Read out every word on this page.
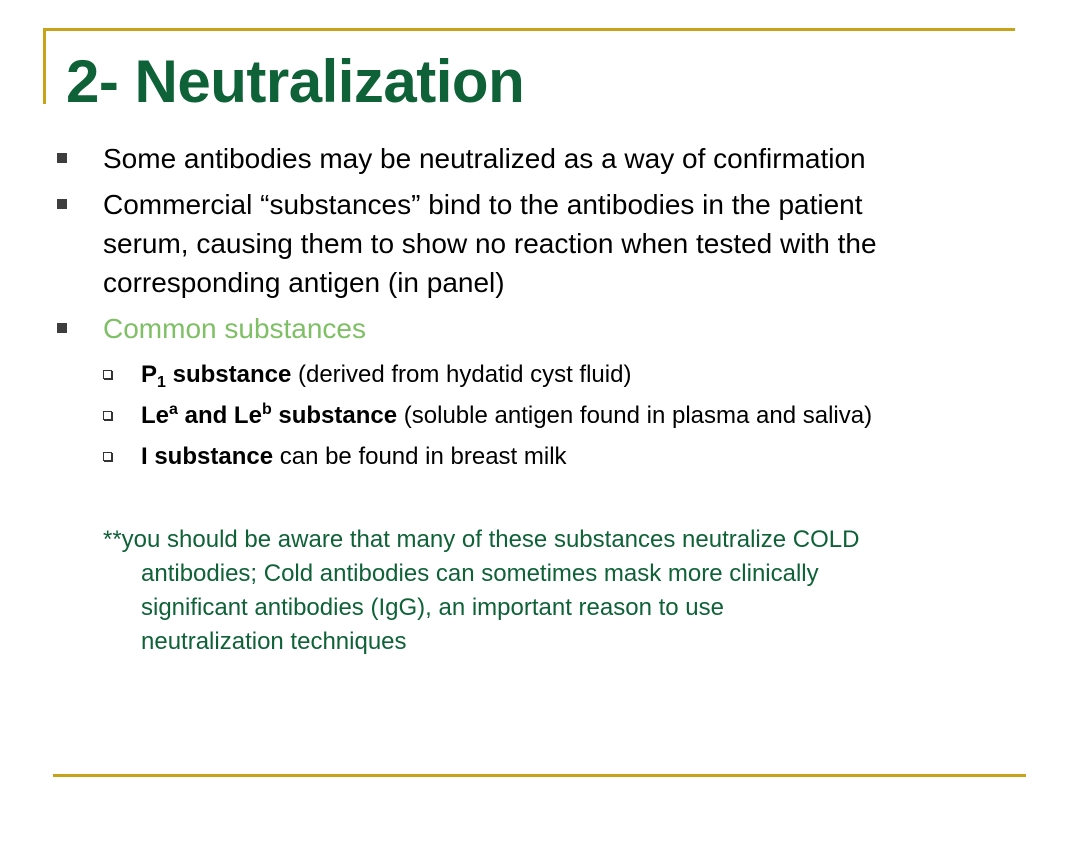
2- Neutralization
Some antibodies may be neutralized as a way of confirmation
Commercial “substances” bind to the antibodies in the patient
serum, causing them to show no reaction when tested with the
corresponding antigen (in panel)
Common substances
$P_1$ substance (derived from hydatid cyst fluid)
Le$^a$ and Le$^b$ substance (soluble antigen found in plasma and saliva)
I substance can be found in breast milk
**you should be aware that many of these substances neutralize COLD
antibodies; Cold antibodies can sometimes mask more clinically
significant antibodies (IgG), an important reason to use
neutralization techniques
